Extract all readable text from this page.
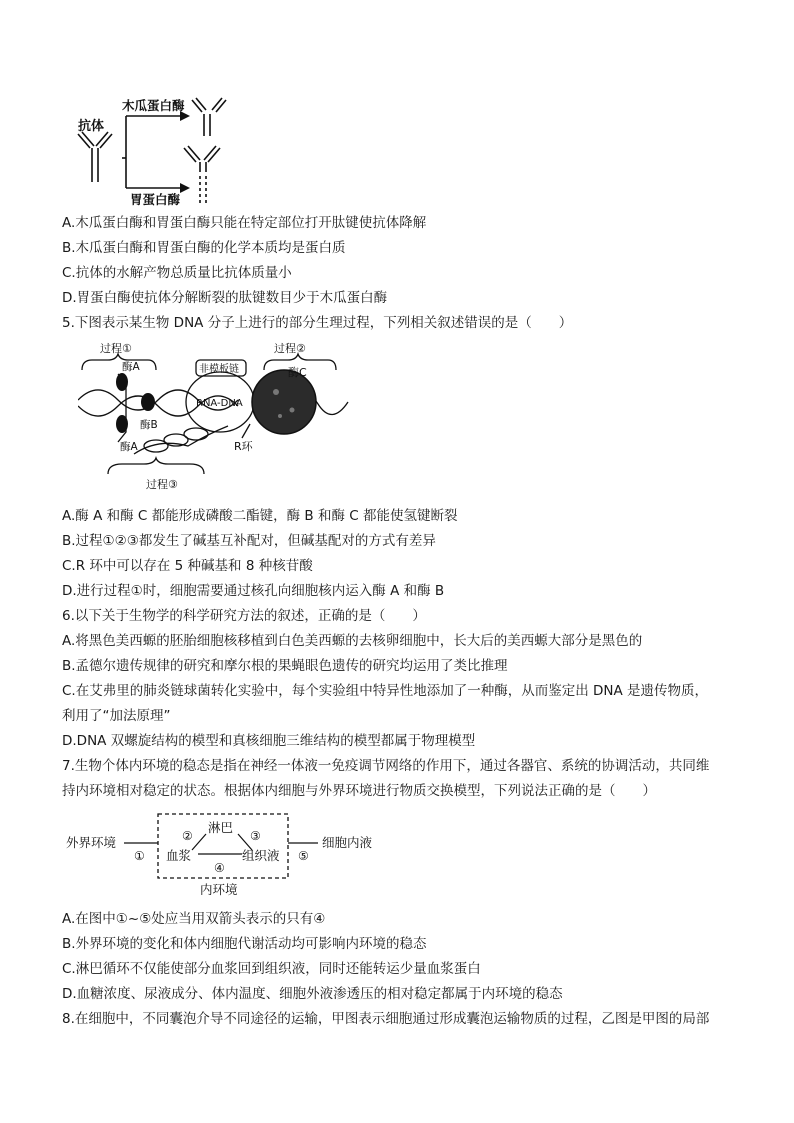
抗体
木瓜蛋白酶
胃蛋白酶
A.木瓜蛋白酶和胃蛋白酶只能在特定部位打开肽键使抗体降解
B.木瓜蛋白酶和胃蛋白酶的化学本质均是蛋白质
C.抗体的水解产物总质量比抗体质量小
D.胃蛋白酶使抗体分解断裂的肽键数目少于木瓜蛋白酶
5.下图表示某生物 DNA 分子上进行的部分生理过程，下列相关叙述错误的是（　　）
过程①	过程②
酶A	酶C
非模板链
RNA-DNA
酶B
酶A	R环
过程③
A.酶 A 和酶 C 都能形成磷酸二酯键，酶 B 和酶 C 都能使氢键断裂
B.过程①②③都发生了碱基互补配对，但碱基配对的方式有差异
C.R 环中可以存在 5 种碱基和 8 种核苷酸
D.进行过程①时，细胞需要通过核孔向细胞核内运入酶 A 和酶 B
6.以下关于生物学的科学研究方法的叙述，正确的是（　　）
A.将黑色美西螈的胚胎细胞核移植到白色美西螈的去核卵细胞中，长大后的美西螈大部分是黑色的
B.孟德尔遗传规律的研究和摩尔根的果蝇眼色遗传的研究均运用了类比推理
C.在艾弗里的肺炎链球菌转化实验中，每个实验组中特异性地添加了一种酶，从而鉴定出 DNA 是遗传物质，
利用了“加法原理”
D.DNA 双螺旋结构的模型和真核细胞三维结构的模型都属于物理模型
7.生物个体内环境的稳态是指在神经一体液一免疫调节网络的作用下，通过各器官、系统的协调活动，共同维
持内环境相对稳定的状态。根据体内细胞与外界环境进行物质交换模型，下列说法正确的是（　　）
外界环境
①
②
淋巴
③
血浆
④
组织液 ⑤
细胞内液
内环境
A.在图中①~⑤处应当用双箭头表示的只有④
B.外界环境的变化和体内细胞代谢活动均可影响内环境的稳态
C.淋巴循环不仅能使部分血浆回到组织液，同时还能转运少量血浆蛋白
D.血糖浓度、尿液成分、体内温度、细胞外液渗透压的相对稳定都属于内环境的稳态
8.在细胞中，不同囊泡介导不同途径的运输，甲图表示细胞通过形成囊泡运输物质的过程，乙图是甲图的局部
